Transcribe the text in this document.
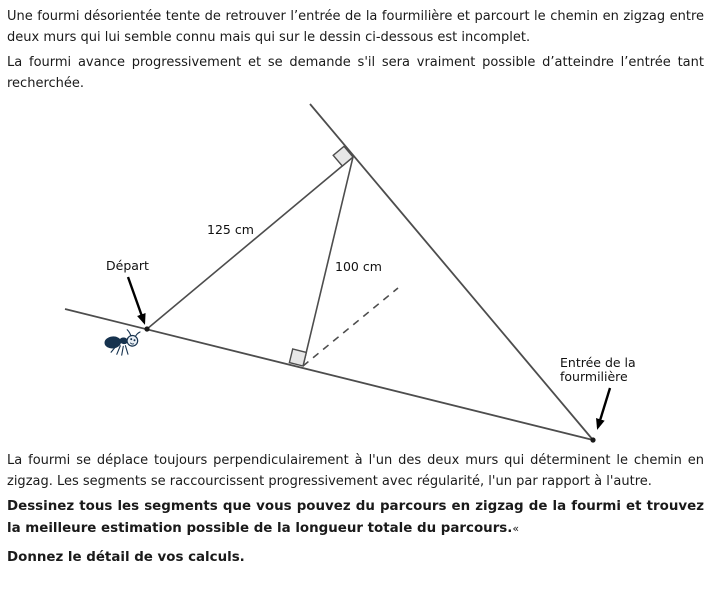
Une fourmi désorientée tente de retrouver l’entrée de la fourmilière et parcourt le chemin en zigzag entre deux murs qui lui semble connu mais qui sur le dessin ci-dessous est incomplet.

La fourmi avance progressivement et se demande s'il sera vraiment possible d’atteindre l’entrée tant recherchée.

125 cm
100 cm
Départ
Entrée de la
fourmilière

La fourmi se déplace toujours perpendiculairement à l'un des deux murs qui déterminent le chemin en zigzag. Les segments se raccourcissent progressivement avec régularité, l'un par rapport à l'autre.

Dessinez tous les segments que vous pouvez du parcours en zigzag de la fourmi et trouvez la meilleure estimation possible de la longueur totale du parcours.«

Donnez le détail de vos calculs.
